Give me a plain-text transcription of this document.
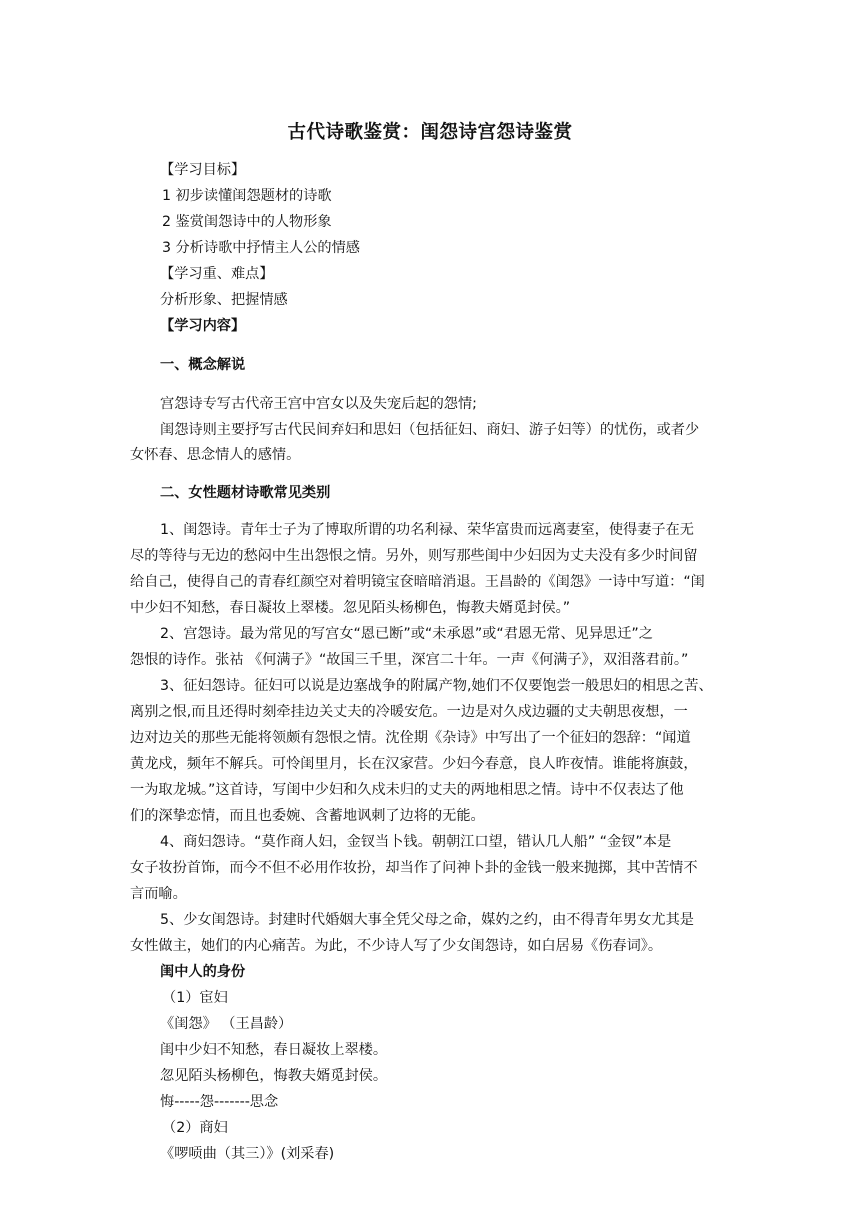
古代诗歌鉴赏：闺怨诗宫怨诗鉴赏
【学习目标】
1 初步读懂闺怨题材的诗歌
2 鉴赏闺怨诗中的人物形象
3 分析诗歌中抒情主人公的情感
【学习重、难点】
分析形象、把握情感
【学习内容】
一、概念解说
宫怨诗专写古代帝王宫中宫女以及失宠后起的怨情;
闺怨诗则主要抒写古代民间弃妇和思妇（包括征妇、商妇、游子妇等）的忧伤，或者少
女怀春、思念情人的感情。
二、女性题材诗歌常见类别
1、闺怨诗。青年士子为了博取所谓的功名利禄、荣华富贵而远离妻室，使得妻子在无
尽的等待与无边的愁闷中生出怨恨之情。另外，则写那些闺中少妇因为丈夫没有多少时间留
给自己，使得自己的青春红颜空对着明镜宝奁暗暗消退。王昌龄的《闺怨》一诗中写道：“闺
中少妇不知愁，春日凝妆上翠楼。忽见陌头杨柳色，悔教夫婿觅封侯。”
2、宫怨诗。最为常见的写宫女“恩已断”或“未承恩”或“君恩无常、见异思迁”之
怨恨的诗作。张祜 《何满子》“故国三千里，深宫二十年。一声《何满子》，双泪落君前。”
3、征妇怨诗。征妇可以说是边塞战争的附属产物,她们不仅要饱尝一般思妇的相思之苦、
离别之恨,而且还得时刻牵挂边关丈夫的冷暖安危。一边是对久戍边疆的丈夫朝思夜想，一
边对边关的那些无能将领颇有怨恨之情。沈佺期《杂诗》中写出了一个征妇的怨辞：“闻道
黄龙戍，频年不解兵。可怜闺里月，长在汉家营。少妇今春意，良人昨夜情。谁能将旗鼓，
一为取龙城。”这首诗，写闺中少妇和久戍未归的丈夫的两地相思之情。诗中不仅表达了他
们的深挚恋情，而且也委婉、含蓄地讽刺了边将的无能。
4、商妇怨诗。“莫作商人妇，金钗当卜钱。朝朝江口望，错认几人船” “金钗”本是
女子妆扮首饰，而今不但不必用作妆扮，却当作了问神卜卦的金钱一般来抛掷，其中苦情不
言而喻。
5、少女闺怨诗。封建时代婚姻大事全凭父母之命，媒妁之约，由不得青年男女尤其是
女性做主，她们的内心痛苦。为此，不少诗人写了少女闺怨诗，如白居易《伤春词》。
闺中人的身份
（1）宦妇
《闺怨》 （王昌龄）
闺中少妇不知愁，春日凝妆上翠楼。
忽见陌头杨柳色，悔教夫婿觅封侯。
悔-----怨-------思念
（2）商妇
《啰唝曲（其三）》(刘采春)
